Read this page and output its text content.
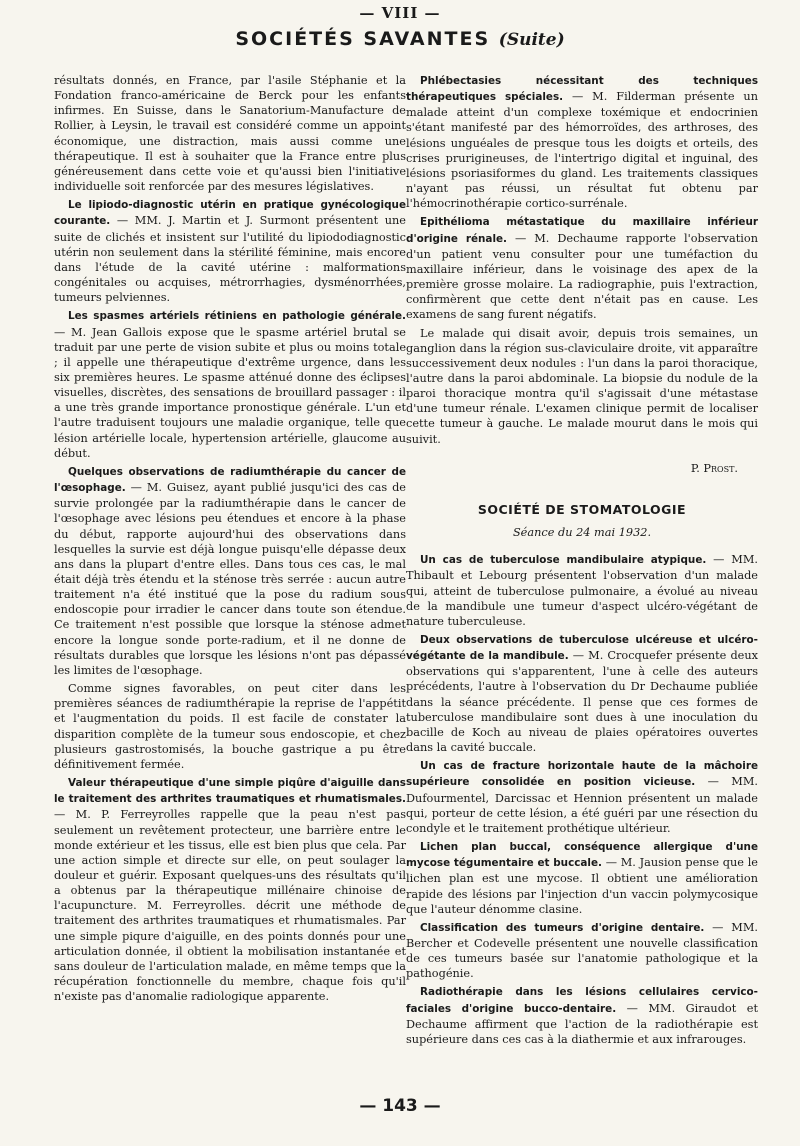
— VIII —
SOCIÉTÉS SAVANTES (Suite)

résultats donnés, en France, par l'asile Stéphanie et la Fondation franco-américaine de Berck pour les enfants infirmes. En Suisse, dans le Sanatorium-Manufacture de Rollier, à Leysin, le travail est considéré comme un appoint économique, une distraction, mais aussi comme une thérapeutique. Il est à souhaiter que la France entre plus généreusement dans cette voie et qu'aussi bien l'initiative individuelle soit renforcée par des mesures législatives.

Le lipiodo-diagnostic utérin en pratique gynécologique courante. — MM. J. Martin et J. Surmont présentent une suite de clichés et insistent sur l'utilité du lipiododiagnostic utérin non seulement dans la stérilité féminine, mais encore dans l'étude de la cavité utérine : malformations congénitales ou acquises, métrorrhagies, dysménorrhées, tumeurs pelviennes.

Les spasmes artériels rétiniens en pathologie générale. — M. Jean Gallois expose que le spasme artériel brutal se traduit par une perte de vision subite et plus ou moins totale ; il appelle une thérapeutique d'extrême urgence, dans les six premières heures. Le spasme atténué donne des éclipses visuelles, discrètes, des sensations de brouillard passager : il a une très grande importance pronostique générale. L'un et l'autre traduisent toujours une maladie organique, telle que lésion artérielle locale, hypertension artérielle, glaucome au début.

Quelques observations de radiumthérapie du cancer de l'œsophage. — M. Guisez, ayant publié jusqu'ici des cas de survie prolongée par la radiumthérapie dans le cancer de l'œsophage avec lésions peu étendues et encore à la phase du début, rapporte aujourd'hui des observations dans lesquelles la survie est déjà longue puisqu'elle dépasse deux ans dans la plupart d'entre elles. Dans tous ces cas, le mal était déjà très étendu et la sténose très serrée : aucun autre traitement n'a été institué que la pose du radium sous endoscopie pour irradier le cancer dans toute son étendue. Ce traitement n'est possible que lorsque la sténose admet encore la longue sonde porte-radium, et il ne donne de résultats durables que lorsque les lésions n'ont pas dépassé les limites de l'œsophage.

Comme signes favorables, on peut citer dans les premières séances de radiumthérapie la reprise de l'appétit et l'augmentation du poids. Il est facile de constater la disparition complète de la tumeur sous endoscopie, et chez plusieurs gastrostomisés, la bouche gastrique a pu être définitivement fermée.

Valeur thérapeutique d'une simple piqûre d'aiguille dans le traitement des arthrites traumatiques et rhumatismales. — M. P. Ferreyrolles rappelle que la peau n'est pas seulement un revêtement protecteur, une barrière entre le monde extérieur et les tissus, elle est bien plus que cela. Par une action simple et directe sur elle, on peut soulager la douleur et guérir. Exposant quelques-uns des résultats qu'il a obtenus par la thérapeutique millénaire chinoise de l'acupuncture. M. Ferreyrolles. décrit une méthode de traitement des arthrites traumatiques et rhumatismales. Par une simple piqure d'aiguille, en des points donnés pour une articulation donnée, il obtient la mobilisation instantanée et sans douleur de l'articulation malade, en même temps que la récupération fonctionnelle du membre, chaque fois qu'il n'existe pas d'anomalie radiologique apparente.

Phlébectasies nécessitant des techniques thérapeutiques spéciales. — M. Filderman présente un malade atteint d'un complexe toxémique et endocrinien s'étant manifesté par des hémorroïdes, des arthroses, des lésions unguéales de presque tous les doigts et orteils, des crises prurigineuses, de l'intertrigo digital et inguinal, des lésions psoriasiformes du gland. Les traitements classiques n'ayant pas réussi, un résultat fut obtenu par l'hémocrinothérapie cortico-surrénale.

Epithélioma métastatique du maxillaire inférieur d'origine rénale. — M. Dechaume rapporte l'observation d'un patient venu consulter pour une tuméfaction du maxillaire inférieur, dans le voisinage des apex de la première grosse molaire. La radiographie, puis l'extraction, confirmèrent que cette dent n'était pas en cause. Les examens de sang furent négatifs.

Le malade qui disait avoir, depuis trois semaines, un ganglion dans la région sus-claviculaire droite, vit apparaître successivement deux nodules : l'un dans la paroi thoracique, l'autre dans la paroi abdominale. La biopsie du nodule de la paroi thoracique montra qu'il s'agissait d'une métastase d'une tumeur rénale. L'examen clinique permit de localiser cette tumeur à gauche. Le malade mourut dans le mois qui suivit.

P. Prost.
SOCIÉTÉ DE STOMATOLOGIE
Séance du 24 mai 1932.

Un cas de tuberculose mandibulaire atypique. — MM. Thibault et Lebourg présentent l'observation d'un malade qui, atteint de tuberculose pulmonaire, a évolué au niveau de la mandibule une tumeur d'aspect ulcéro-végétant de nature tuberculeuse.

Deux observations de tuberculose ulcéreuse et ulcéro-végétante de la mandibule. — M. Crocquefer présente deux observations qui s'apparentent, l'une à celle des auteurs précédents, l'autre à l'observation du Dr Dechaume publiée dans la séance précédente. Il pense que ces formes de tuberculose mandibulaire sont dues à une inoculation du bacille de Koch au niveau de plaies opératoires ouvertes dans la cavité buccale.

Un cas de fracture horizontale haute de la mâchoire supérieure consolidée en position vicieuse. — MM. Dufourmentel, Darcissac et Hennion présentent un malade qui, porteur de cette lésion, a été guéri par une résection du condyle et le traitement prothétique ultérieur.

Lichen plan buccal, conséquence allergique d'une mycose tégumentaire et buccale. — M. Jausion pense que le lichen plan est une mycose. Il obtient une amélioration rapide des lésions par l'injection d'un vaccin polymycosique que l'auteur dénomme clasine.

Classification des tumeurs d'origine dentaire. — MM. Bercher et Codevelle présentent une nouvelle classification de ces tumeurs basée sur l'anatomie pathologique et la pathogénie.

Radiothérapie dans les lésions cellulaires cervico-faciales d'origine bucco-dentaire. — MM. Giraudot et Dechaume affirment que l'action de la radiothérapie est supérieure dans ces cas à la diathermie et aux infrarouges.

— 143 —
